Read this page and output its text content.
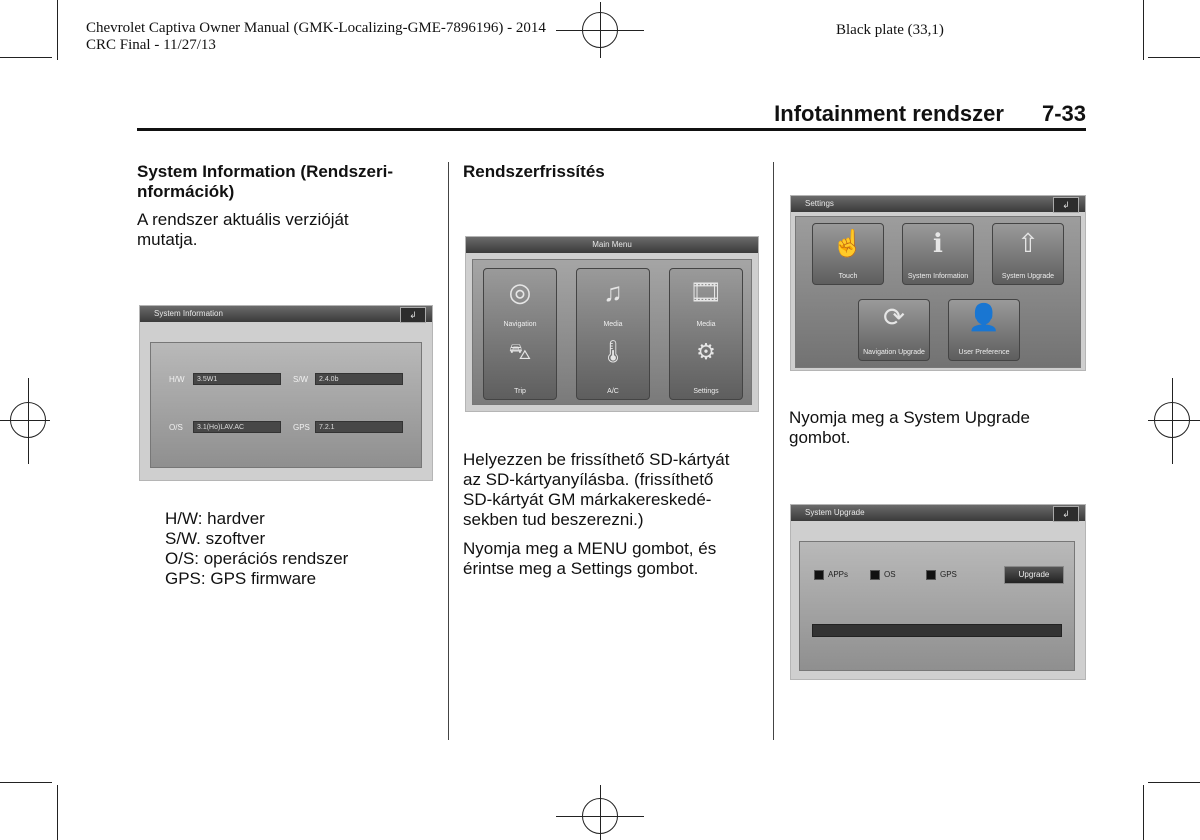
Chevrolet Captiva Owner Manual (GMK-Localizing-GME-7896196) - 2014
CRC Final - 11/27/13
Black plate (33,1)
Infotainment rendszer 7-33
System Information (Rendszeri-
nformációk)
A rendszer aktuális verzióját
mutatja.
System Information	↲
H/W	3.5W1	S/W	2.4.0b
O/S	3.1(Ho)LAV.AC	GPS	7.2.1
H/W: hardver
S/W. szoftver
O/S: operációs rendszer
GPS: GPS firmware
Rendszerfrissítés
Main Menu
◎
Navigation
⛍
Trip
♫
Media
🌡
A/C
🎞
Media
⚙
Settings
Helyezzen be frissíthető SD-kártyát
az SD-kártyanyílásba. (frissíthető
SD-kártyát GM márkakereskedé-
sekben tud beszerezni.)
Nyomja meg a MENU gombot, és
érintse meg a Settings gombot.
Settings	↲
☝
Touch
ℹ
System Information
⇧
System Upgrade
⟳
Navigation Upgrade
👤
User Preference
Nyomja meg a System Upgrade
gombot.
System Upgrade	↲
APPs	OS	GPS	Upgrade
